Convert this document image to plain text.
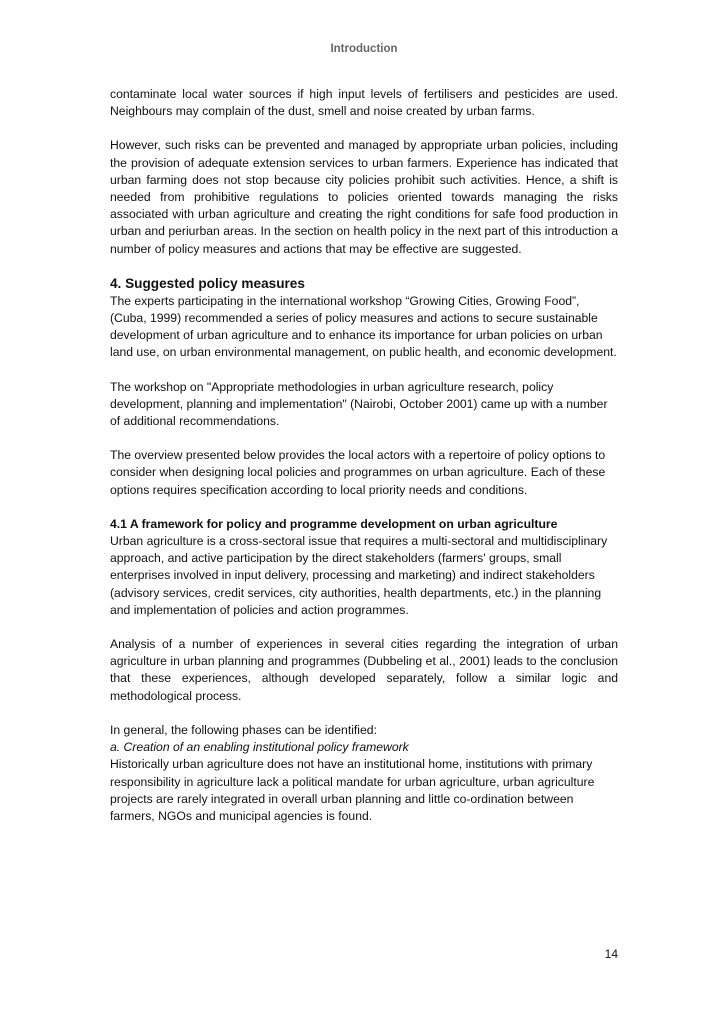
Introduction

contaminate local water sources if high input levels of fertilisers and pesticides are used. Neighbours may complain of the dust, smell and noise created by urban farms.

However, such risks can be prevented and managed by appropriate urban policies, including the provision of adequate extension services to urban farmers. Experience has indicated that urban farming does not stop because city policies prohibit such activities. Hence, a shift is needed from prohibitive regulations to policies oriented towards managing the risks associated with urban agriculture and creating the right conditions for safe food production in urban and periurban areas. In the section on health policy in the next part of this introduction a number of policy measures and actions that may be effective are suggested.

4. Suggested policy measures

The experts participating in the international workshop “Growing Cities, Growing Food”, (Cuba, 1999) recommended a series of policy measures and actions to secure sustainable development of urban agriculture and to enhance its importance for urban policies on urban land use, on urban environmental management, on public health, and economic development.

The workshop on "Appropriate methodologies in urban agriculture research, policy development, planning and implementation" (Nairobi, October 2001) came up with a number of additional recommendations.

The overview presented below provides the local actors with a repertoire of policy options to consider when designing local policies and programmes on urban agriculture. Each of these options requires specification according to local priority needs and conditions.

4.1 A framework for policy and programme development on urban agriculture

Urban agriculture is a cross-sectoral issue that requires a multi-sectoral and multidisciplinary approach, and active participation by the direct stakeholders (farmers' groups, small enterprises involved in input delivery, processing and marketing) and indirect stakeholders (advisory services, credit services, city authorities, health departments, etc.) in the planning and implementation of policies and action programmes.

Analysis of a number of experiences in several cities regarding the integration of urban agriculture in urban planning and programmes (Dubbeling et al., 2001) leads to the conclusion that these experiences, although developed separately, follow a similar logic and methodological process.

In general, the following phases can be identified:

a. Creation of an enabling institutional policy framework

Historically urban agriculture does not have an institutional home, institutions with primary responsibility in agriculture lack a political mandate for urban agriculture, urban agriculture projects are rarely integrated in overall urban planning and little co-ordination between farmers, NGOs and municipal agencies is found.

14
